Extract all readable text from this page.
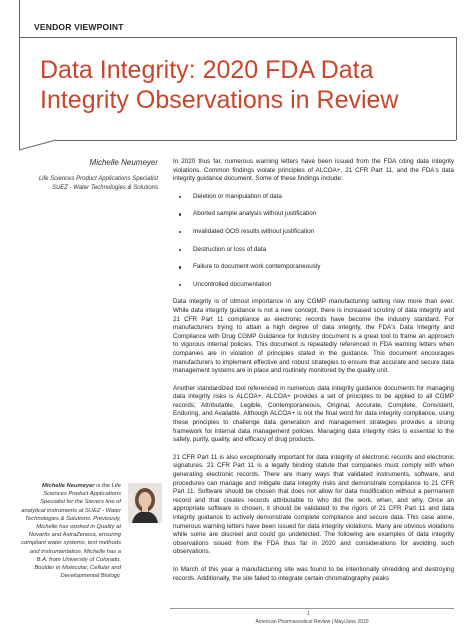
VENDOR VIEWPOINT
Data Integrity: 2020 FDA Data
Integrity Observations in Review
Michelle Neumeyer
Life Sciences Product Applications Specialist
SUEZ - Water Technologies & Solutions

In 2020 thus far, numerous warning letters have been issued from the FDA citing data integrity violations. Common findings violate principles of ALCOA+, 21 CFR Part 11, and the FDA's data integrity guidance document. Some of these findings include:

Deletion or manipulation of data
Aborted sample analysis without justification
Invalidated OOS results without justification
Destruction or loss of data
Failure to document work contemporaneously
Uncontrolled documentation

Data integrity is of utmost importance in any CGMP manufacturing setting now more than ever. While data integrity guidance is not a new concept, there is increased scrutiny of data integrity and 21 CFR Part 11 compliance as electronic records have become the industry standard. For manufacturers trying to attain a high degree of data integrity, the FDA's Data Integrity and Compliance with Drug CGMP Guidance for Industry document is a great tool to frame an approach to vigorous internal policies. This document is repeatedly referenced in FDA warning letters when companies are in violation of principles stated in the guidance. This document encourages manufacturers to implement effective and robust strategies to ensure that accurate and secure data management systems are in place and routinely monitored by the quality unit.

Another standardized tool referenced in numerous data integrity guidance documents for managing data integrity risks is ALCOA+. ALCOA+ provides a set of principles to be applied to all CGMP records; Attributable, Legible, Contemporaneous, Original, Accurate, Complete, Consistent, Enduring, and Available. Although ALCOA+ is not the final word for data integrity compliance, using these principles to challenge data generation and management strategies provides a strong framework for internal data management policies. Managing data integrity risks is essential to the safety, purity, quality, and efficacy of drug products.

21 CFR Part 11 is also exceptionally important for data integrity of electronic records and electronic signatures. 21 CFR Part 11 is a legally binding statute that companies must comply with when generating electronic records. There are many ways that validated instruments, software, and procedures can manage and mitigate data integrity risks and demonstrate compliance to 21 CFR Part 11. Software should be chosen that does not allow for data modification without a permanent record and that creates records attributable to who did the work, when, and why. Once an appropriate software is chosen, it should be validated to the rigors of 21 CFR Part 11 and data integrity guidance to actively demonstrate complete compliance and secure data. This case alone, numerous warning letters have been issued for data integrity violations. Many are obvious violations while some are discreet and could go undetected. The following are examples of data integrity observations issued from the FDA thus far in 2020 and considerations for avoiding such observations.

In March of this year a manufacturing site was found to be intentionally shredding and destroying records. Additionally, the site failed to integrate certain chromatography peaks

Michelle Neumeyer is the Life Sciences Product Applications Specialist for the Sievers line of analytical instruments at SUEZ - Water Technologies & Solutions. Previously, Michelle has worked in Quality at Novartis and AstraZeneca, ensuring compliant water systems, test methods and instrumentation. Michelle has a B.A. from University of Colorado, Boulder in Molecular, Cellular and Developmental Biology.
1
American Pharmaceutical Review | May/June 2020
